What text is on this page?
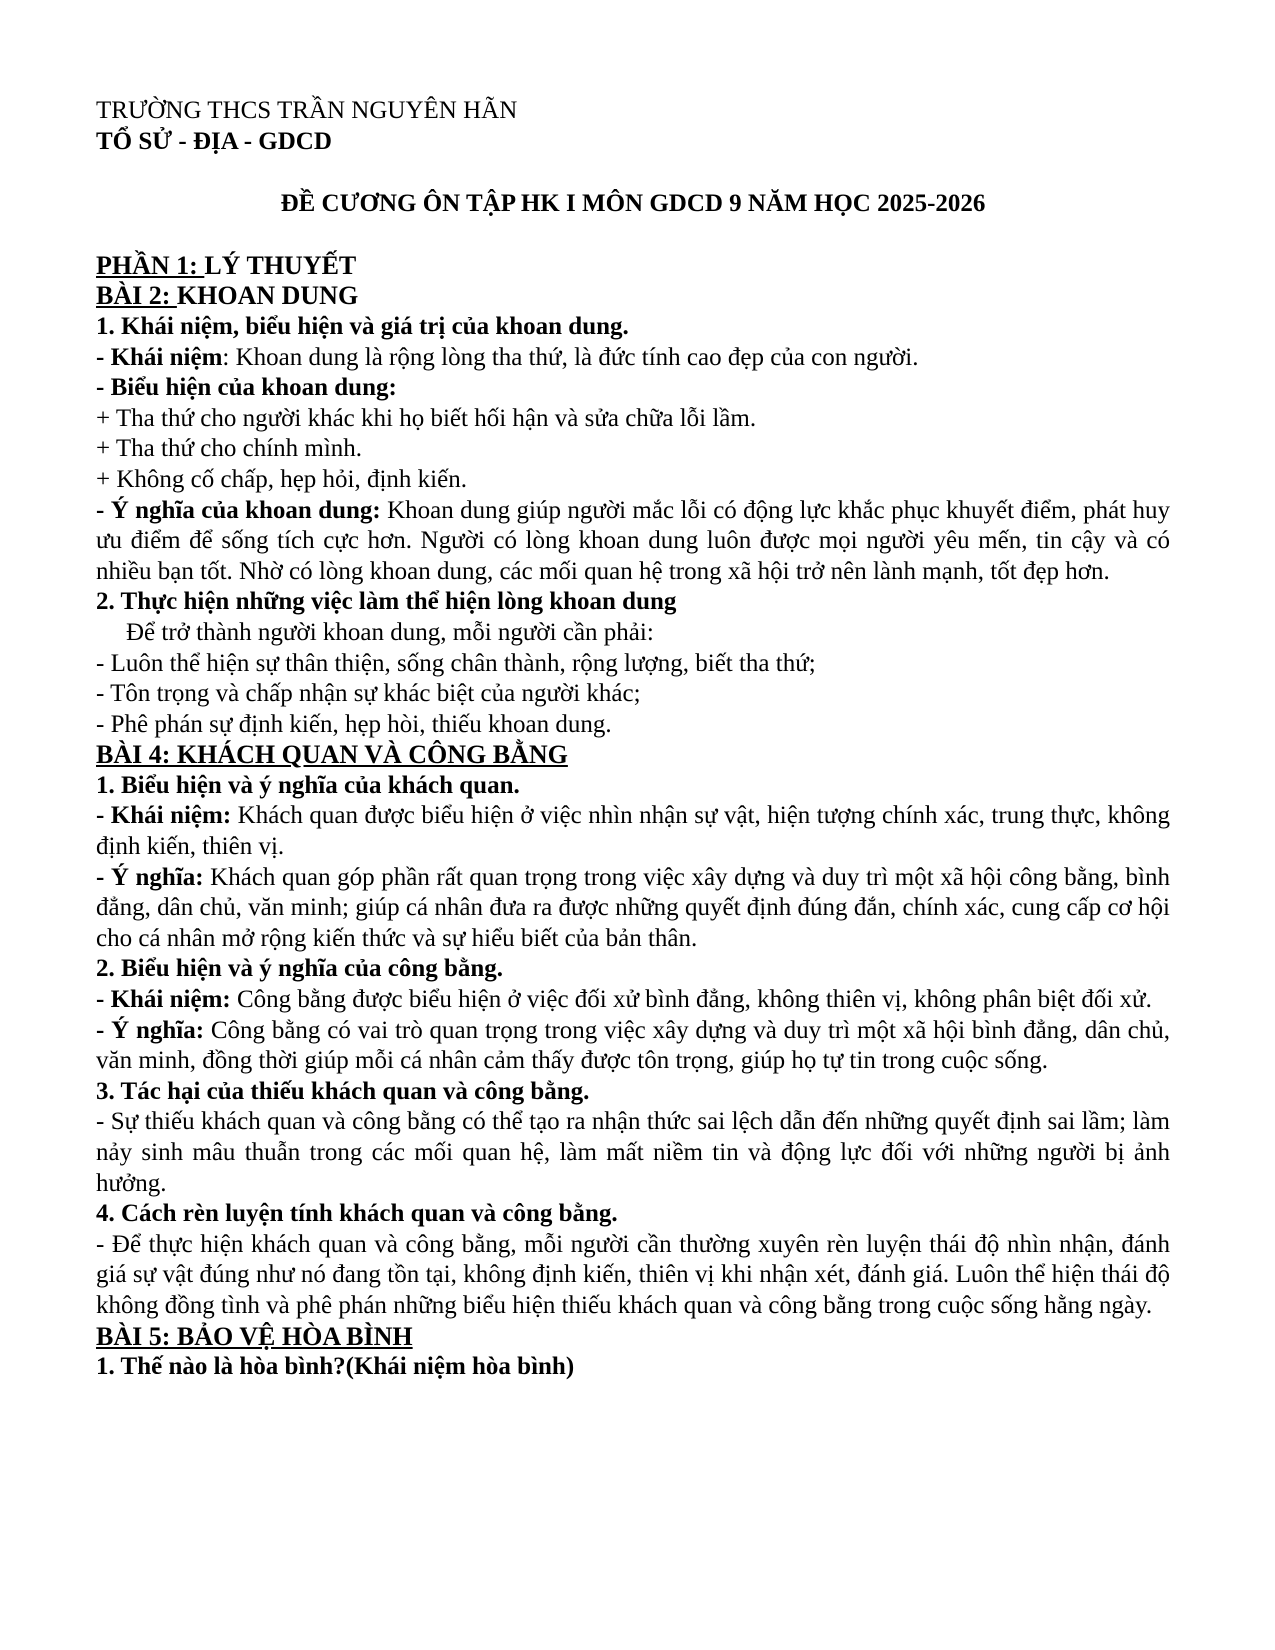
TRƯỜNG THCS TRẦN NGUYÊN HÃN

TỔ SỬ - ĐỊA - GDCD

ĐỀ CƯƠNG ÔN TẬP HK I MÔN GDCD 9 NĂM HỌC 2025-2026

PHẦN 1: LÝ THUYẾT

BÀI 2: KHOAN DUNG

1. Khái niệm, biểu hiện và giá trị của khoan dung.

- Khái niệm: Khoan dung là rộng lòng tha thứ, là đức tính cao đẹp của con người.

- Biểu hiện của khoan dung:

+ Tha thứ cho người khác khi họ biết hối hận và sửa chữa lỗi lầm.

+ Tha thứ cho chính mình.

+ Không cố chấp, hẹp hỏi, định kiến.

- Ý nghĩa của khoan dung: Khoan dung giúp người mắc lỗi có động lực khắc phục khuyết điểm, phát huy ưu điểm để sống tích cực hơn. Người có lòng khoan dung luôn được mọi người yêu mến, tin cậy và có nhiều bạn tốt. Nhờ có lòng khoan dung, các mối quan hệ trong xã hội trở nên lành mạnh, tốt đẹp hơn.

2. Thực hiện những việc làm thể hiện lòng khoan dung

Để trở thành người khoan dung, mỗi người cần phải:

- Luôn thể hiện sự thân thiện, sống chân thành, rộng lượng, biết tha thứ;

- Tôn trọng và chấp nhận sự khác biệt của người khác;

- Phê phán sự định kiến, hẹp hòi, thiếu khoan dung.

BÀI 4: KHÁCH QUAN VÀ CÔNG BẰNG

1. Biểu hiện và ý nghĩa của khách quan.

- Khái niệm: Khách quan được biểu hiện ở việc nhìn nhận sự vật, hiện tượng chính xác, trung thực, không định kiến, thiên vị.

- Ý nghĩa: Khách quan góp phần rất quan trọng trong việc xây dựng và duy trì một xã hội công bằng, bình đẳng, dân chủ, văn minh; giúp cá nhân đưa ra được những quyết định đúng đắn, chính xác, cung cấp cơ hội cho cá nhân mở rộng kiến thức và sự hiểu biết của bản thân.

2. Biểu hiện và ý nghĩa của công bằng.

- Khái niệm: Công bằng được biểu hiện ở việc đối xử bình đẳng, không thiên vị, không phân biệt đối xử.

- Ý nghĩa: Công bằng có vai trò quan trọng trong việc xây dựng và duy trì một xã hội bình đẳng, dân chủ, văn minh, đồng thời giúp mỗi cá nhân cảm thấy được tôn trọng, giúp họ tự tin trong cuộc sống.

3. Tác hại của thiếu khách quan và công bằng.

- Sự thiếu khách quan và công bằng có thể tạo ra nhận thức sai lệch dẫn đến những quyết định sai lầm; làm nảy sinh mâu thuẫn trong các mối quan hệ, làm mất niềm tin và động lực đối với những người bị ảnh hưởng.

4. Cách rèn luyện tính khách quan và công bằng.

- Để thực hiện khách quan và công bằng, mỗi người cần thường xuyên rèn luyện thái độ nhìn nhận, đánh giá sự vật đúng như nó đang tồn tại, không định kiến, thiên vị khi nhận xét, đánh giá. Luôn thể hiện thái độ không đồng tình và phê phán những biểu hiện thiếu khách quan và công bằng trong cuộc sống hằng ngày.

BÀI 5: BẢO VỆ HÒA BÌNH

1. Thế nào là hòa bình?(Khái niệm hòa bình)
